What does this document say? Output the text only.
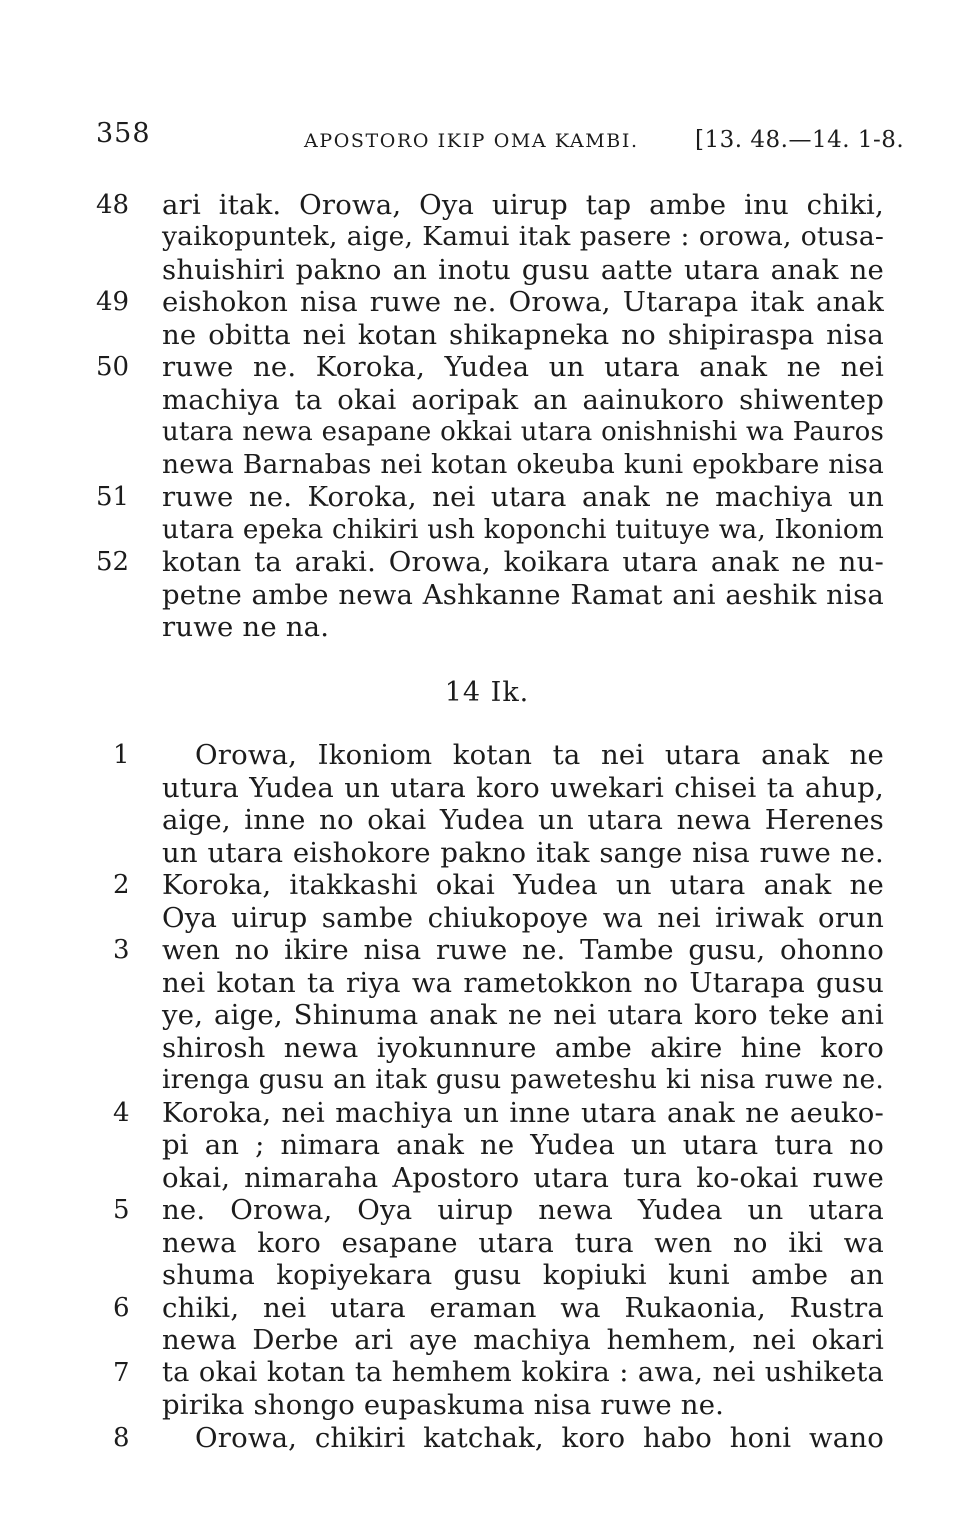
358	APOSTORO IKIP OMA KAMBI. [13. 48.—14. 1-8.
48 ari itak. Orowa, Oya uirup tap ambe inu chiki,
yaikopuntek, aige, Kamui itak pasere : orowa, otusa-
shuishiri pakno an inotu gusu aatte utara anak ne
49 eishokon nisa ruwe ne. Orowa, Utarapa itak anak
ne obitta nei kotan shikapneka no shipiraspa nisa
50 ruwe ne. Koroka, Yudea un utara anak ne nei
machiya ta okai aoripak an aainukoro shiwentep
utara newa esapane okkai utara onishnishi wa Pauros
newa Barnabas nei kotan okeuba kuni epokbare nisa
51 ruwe ne. Koroka, nei utara anak ne machiya un
utara epeka chikiri ush koponchi tuituye wa, Ikoniom
52 kotan ta araki. Orowa, koikara utara anak ne nu-
petne ambe newa Ashkanne Ramat ani aeshik nisa
ruwe ne na.
14 Ik.
1	Orowa, Ikoniom kotan ta nei utara anak ne
utura Yudea un utara koro uwekari chisei ta ahup,
aige, inne no okai Yudea un utara newa Herenes
un utara eishokore pakno itak sange nisa ruwe ne.
2	Koroka, itakkashi okai Yudea un utara anak ne
Oya uirup sambe chiukopoye wa nei iriwak orun
3	wen no ikire nisa ruwe ne. Tambe gusu, ohonno
nei kotan ta riya wa rametokkon no Utarapa gusu
ye, aige, Shinuma anak ne nei utara koro teke ani
shirosh newa iyokunnure ambe akire hine koro
irenga gusu an itak gusu paweteshu ki nisa ruwe ne.
4	Koroka, nei machiya un inne utara anak ne aeuko-
pi an ; nimara anak ne Yudea un utara tura no
okai, nimaraha Apostoro utara tura ko-okai ruwe
5	ne. Orowa, Oya uirup newa Yudea un utara
newa koro esapane utara tura wen no iki wa
shuma kopiyekara gusu kopiuki kuni ambe an
6	chiki, nei utara eraman wa Rukaonia, Rustra
newa Derbe ari aye machiya hemhem, nei okari
7	ta okai kotan ta hemhem kokira : awa, nei ushiketa
pirika shongo eupaskuma nisa ruwe ne.
8	Orowa, chikiri katchak, koro habo honi wano
